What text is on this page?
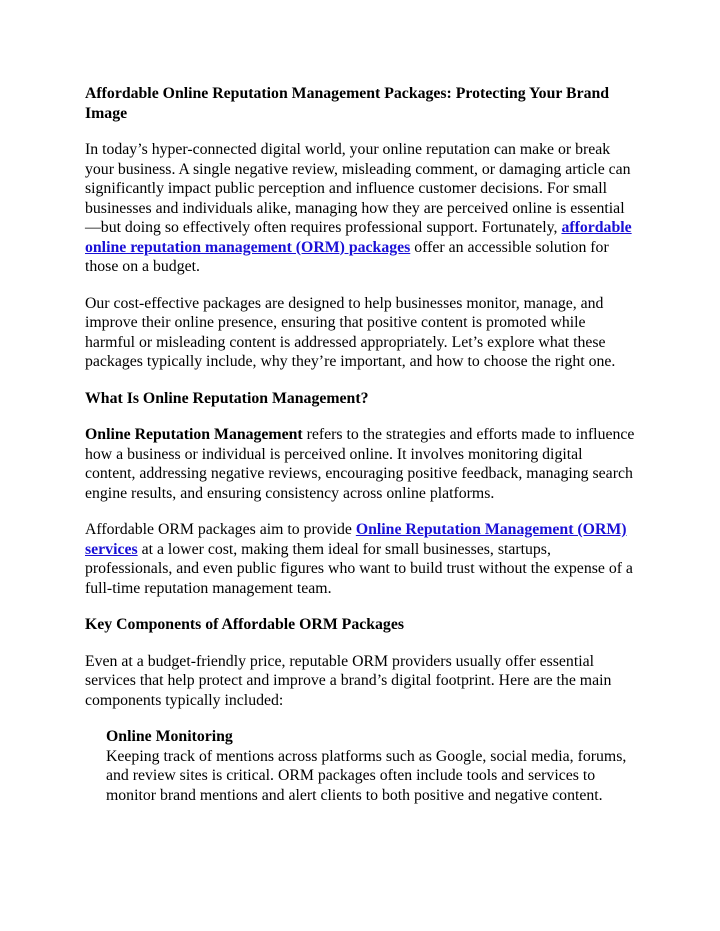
Affordable Online Reputation Management Packages: Protecting Your Brand Image

In today’s hyper-connected digital world, your online reputation can make or break your business. A single negative review, misleading comment, or damaging article can significantly impact public perception and influence customer decisions. For small businesses and individuals alike, managing how they are perceived online is essential—but doing so effectively often requires professional support. Fortunately, affordable online reputation management (ORM) packages offer an accessible solution for those on a budget.

Our cost-effective packages are designed to help businesses monitor, manage, and improve their online presence, ensuring that positive content is promoted while harmful or misleading content is addressed appropriately. Let’s explore what these packages typically include, why they’re important, and how to choose the right one.

What Is Online Reputation Management?

Online Reputation Management refers to the strategies and efforts made to influence how a business or individual is perceived online. It involves monitoring digital content, addressing negative reviews, encouraging positive feedback, managing search engine results, and ensuring consistency across online platforms.

Affordable ORM packages aim to provide Online Reputation Management (ORM) services at a lower cost, making them ideal for small businesses, startups, professionals, and even public figures who want to build trust without the expense of a full-time reputation management team.

Key Components of Affordable ORM Packages

Even at a budget-friendly price, reputable ORM providers usually offer essential services that help protect and improve a brand’s digital footprint. Here are the main components typically included:

Online Monitoring
Keeping track of mentions across platforms such as Google, social media, forums, and review sites is critical. ORM packages often include tools and services to monitor brand mentions and alert clients to both positive and negative content.
